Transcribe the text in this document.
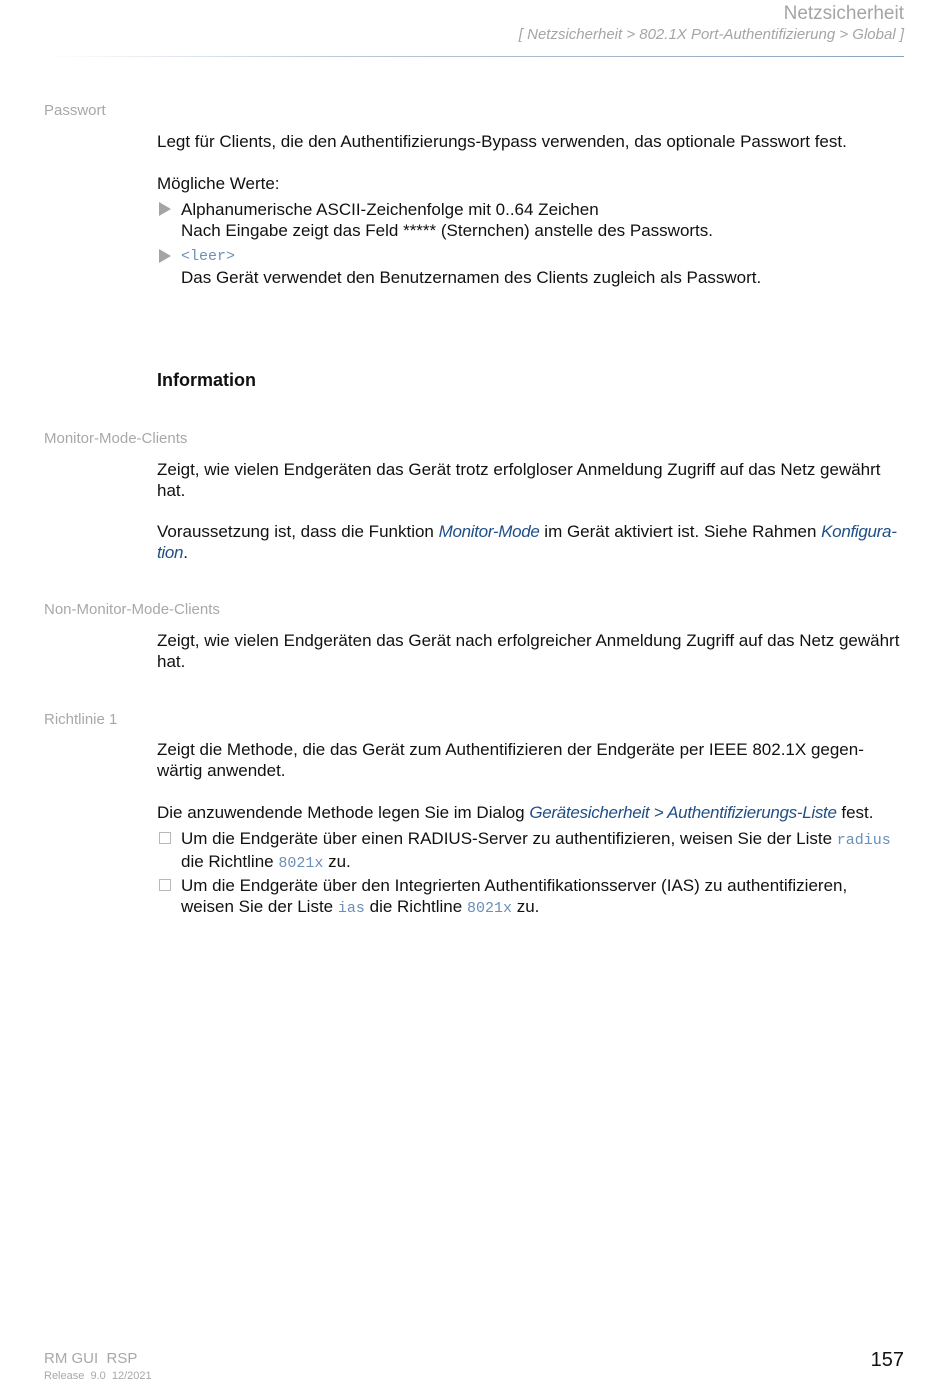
Netzsicherheit
[ Netzsicherheit > 802.1X Port-Authentifizierung > Global ]
Passwort
Legt für Clients, die den Authentifizierungs-Bypass verwenden, das optionale Passwort fest.
Mögliche Werte:
Alphanumerische ASCII-Zeichenfolge mit 0..64 Zeichen
Nach Eingabe zeigt das Feld ***** (Sternchen) anstelle des Passworts.
<leer>
Das Gerät verwendet den Benutzernamen des Clients zugleich als Passwort.
Information
Monitor-Mode-Clients
Zeigt, wie vielen Endgeräten das Gerät trotz erfolgloser Anmeldung Zugriff auf das Netz gewährt
hat.
Voraussetzung ist, dass die Funktion Monitor-Mode im Gerät aktiviert ist. Siehe Rahmen Konfigura-
tion.
Non-Monitor-Mode-Clients
Zeigt, wie vielen Endgeräten das Gerät nach erfolgreicher Anmeldung Zugriff auf das Netz gewährt
hat.
Richtlinie 1
Zeigt die Methode, die das Gerät zum Authentifizieren der Endgeräte per IEEE 802.1X gegen-
wärtig anwendet.
Die anzuwendende Methode legen Sie im Dialog Gerätesicherheit > Authentifizierungs-Liste fest.
Um die Endgeräte über einen RADIUS-Server zu authentifizieren, weisen Sie der Liste radius
die Richtline 8021x zu.
Um die Endgeräte über den Integrierten Authentifikationsserver (IAS) zu authentifizieren,
weisen Sie der Liste ias die Richtline 8021x zu.
RM GUI  RSP
Release  9.0  12/2021
157
